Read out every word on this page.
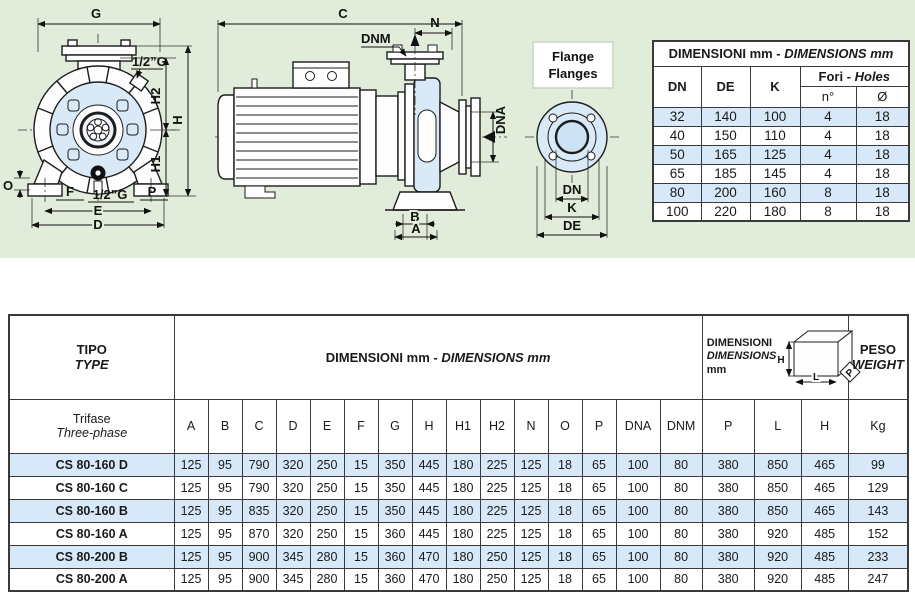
G
1/2”G
H2
H1
H
O	F 1/2”G P
E
D
C
N
DNM
DNA
B
A
Flange
Flanges
DN
K
DE
DIMENSIONI mm - DIMENSIONS mm				
DN	DE	K	Fori - Holes	
			n°	Ø
32	140	100	4	18
40	150	110	4	18
50	165	125	4	18
65	185	145	4	18
80	200	160	8	18
100	220	180	8	18
TIPO
TYPE	DIMENSIONI mm - DIMENSIONS mm	
DIMENSIONI
DIMENSIONS
mm
H
L	P

PESO
WEIGHT

Trifase
Three-phase	A	B	C	D	E	F	G	H	H1	H2	N	O	P	DNA	DNM	P	L	H	Kg
CS 80-160 D	125	95	790	320	250	15	350	445	180	225	125	18	65	100	80	380	850	465	99
CS 80-160 C	125	95	790	320	250	15	350	445	180	225	125	18	65	100	80	380	850	465	129
CS 80-160 B	125	95	835	320	250	15	350	445	180	225	125	18	65	100	80	380	850	465	143
CS 80-160 A	125	95	870	320	250	15	360	445	180	225	125	18	65	100	80	380	920	485	152
CS 80-200 B	125	95	900	345	280	15	360	470	180	250	125	18	65	100	80	380	920	485	233
CS 80-200 A	125	95	900	345	280	15	360	470	180	250	125	18	65	100	80	380	920	485	247
